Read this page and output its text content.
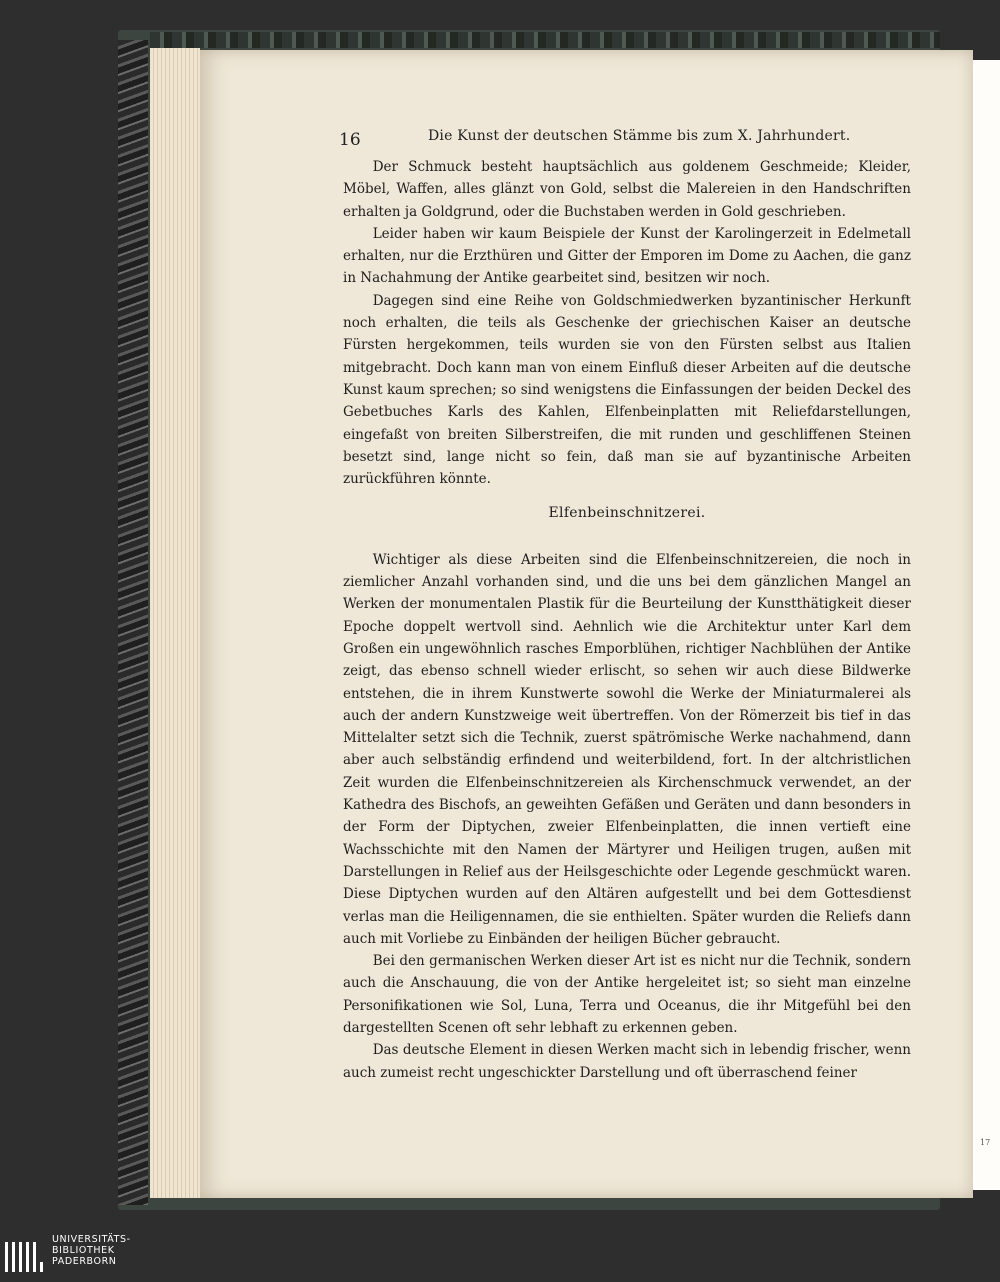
16	Die Kunst der deutschen Stämme bis zum X. Jahrhundert.

Der Schmuck besteht hauptsächlich aus goldenem Geschmeide; Kleider, Möbel, Waffen, alles glänzt von Gold, selbst die Malereien in den Handschriften erhalten ja Goldgrund, oder die Buchstaben werden in Gold geschrieben.

Leider haben wir kaum Beispiele der Kunst der Karolingerzeit in Edelmetall erhalten, nur die Erzthüren und Gitter der Emporen im Dome zu Aachen, die ganz in Nachahmung der Antike gearbeitet sind, besitzen wir noch.

Dagegen sind eine Reihe von Goldschmiedwerken byzantinischer Herkunft noch erhalten, die teils als Geschenke der griechischen Kaiser an deutsche Fürsten hergekommen, teils wurden sie von den Fürsten selbst aus Italien mitgebracht. Doch kann man von einem Einfluß dieser Arbeiten auf die deutsche Kunst kaum sprechen; so sind wenigstens die Einfassungen der beiden Deckel des Gebetbuches Karls des Kahlen, Elfenbeinplatten mit Reliefdarstellungen, eingefaßt von breiten Silberstreifen, die mit runden und geschliffenen Steinen besetzt sind, lange nicht so fein, daß man sie auf byzantinische Arbeiten zurückführen könnte.

Elfenbeinschnitzerei.

Wichtiger als diese Arbeiten sind die Elfenbeinschnitzereien, die noch in ziemlicher Anzahl vorhanden sind, und die uns bei dem gänzlichen Mangel an Werken der monumentalen Plastik für die Beurteilung der Kunstthätigkeit dieser Epoche doppelt wertvoll sind. Aehnlich wie die Architektur unter Karl dem Großen ein ungewöhnlich rasches Emporblühen, richtiger Nachblühen der Antike zeigt, das ebenso schnell wieder erlischt, so sehen wir auch diese Bildwerke entstehen, die in ihrem Kunstwerte sowohl die Werke der Miniaturmalerei als auch der andern Kunstzweige weit übertreffen. Von der Römerzeit bis tief in das Mittelalter setzt sich die Technik, zuerst spätrömische Werke nachahmend, dann aber auch selbständig erfindend und weiterbildend, fort. In der altchristlichen Zeit wurden die Elfenbeinschnitzereien als Kirchenschmuck verwendet, an der Kathedra des Bischofs, an geweihten Gefäßen und Geräten und dann besonders in der Form der Diptychen, zweier Elfenbeinplatten, die innen vertieft eine Wachsschichte mit den Namen der Märtyrer und Heiligen trugen, außen mit Darstellungen in Relief aus der Heilsgeschichte oder Legende geschmückt waren. Diese Diptychen wurden auf den Altären aufgestellt und bei dem Gottesdienst verlas man die Heiligennamen, die sie enthielten. Später wurden die Reliefs dann auch mit Vorliebe zu Einbänden der heiligen Bücher gebraucht.

Bei den germanischen Werken dieser Art ist es nicht nur die Technik, sondern auch die Anschauung, die von der Antike hergeleitet ist; so sieht man einzelne Personifikationen wie Sol, Luna, Terra und Oceanus, die ihr Mitgefühl bei den dargestellten Scenen oft sehr lebhaft zu erkennen geben.

Das deutsche Element in diesen Werken macht sich in lebendig frischer, wenn auch zumeist recht ungeschickter Darstellung und oft überraschend feiner

17
UNIVERSITÄTS-
BIBLIOTHEK
PADERBORN
